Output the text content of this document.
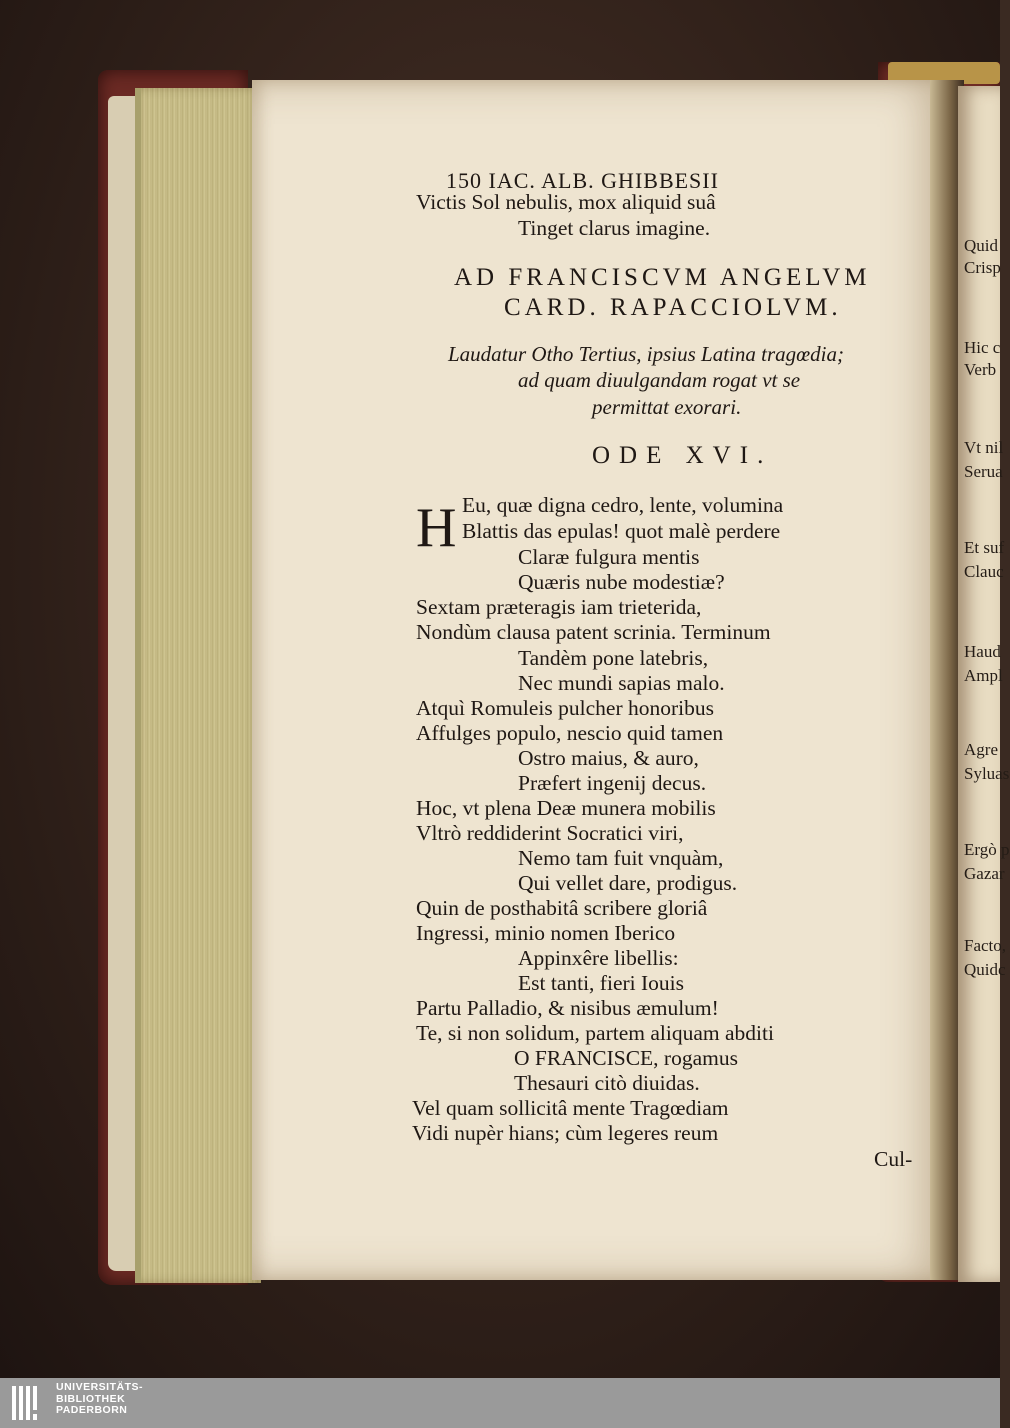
150 IAC. ALB. GHIBBESII
Victis Sol nebulis, mox aliquid suâ
Tinget clarus imagine.
AD FRANCISCVM ANGELVM
CARD. RAPACCIOLVM.
Laudatur Otho Tertius, ipsius Latina tragœdia;
ad quam diuulgandam rogat vt se
permittat exorari.
ODE XVI.
H Eu, quæ digna cedro, lente, volumina
Blattis das epulas! quot malè perdere
Claræ fulgura mentis
Quæris nube modestiæ?
Sextam præteragis iam trieterida,
Nondùm clausa patent scrinia. Terminum
Tandèm pone latebris,
Nec mundi sapias malo.
Atquì Romuleis pulcher honoribus
Affulges populo, nescio quid tamen
Ostro maius, & auro,
Præfert ingenij decus.
Hoc, vt plena Deæ munera mobilis
Vltrò reddiderint Socratici viri,
Nemo tam fuit vnquàm,
Qui vellet dare, prodigus.
Quin de posthabitâ scribere gloriâ
Ingressi, minio nomen Iberico
Appinxêre libellis:
Est tanti, fieri Iouis
Partu Palladio, & nisibus æmulum!
Te, si non solidum, partem aliquam abditi
O FRANCISCE, rogamus
Thesauri citò diuidas.
Vel quam sollicitâ mente Tragœdiam
Vidi nupèr hians; cùm legeres reum
Cul-
Quid
Crisp
Hic c
Verb
Vt nil
Serua
Et suf
Clauc
Haud
Ampl
Agre
Syluas
Ergò p
Gazar
Facto,
Quidc
UNIVERSITÄTS-
BIBLIOTHEK
PADERBORN
